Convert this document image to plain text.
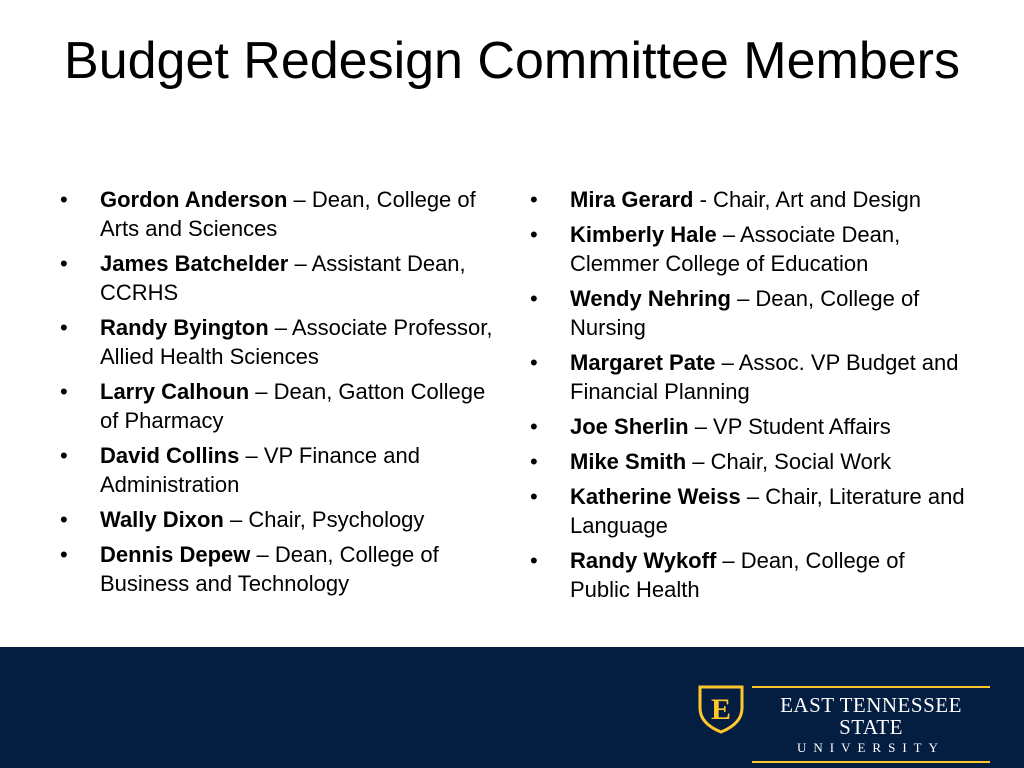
Budget Redesign Committee Members
•	Gordon Anderson – Dean, College of Arts and Sciences
•	James Batchelder – Assistant Dean, CCRHS
•	Randy Byington – Associate Professor, Allied Health Sciences
•	Larry Calhoun – Dean, Gatton College of Pharmacy
•	David Collins – VP Finance and Administration
•	Wally Dixon – Chair, Psychology
•	Dennis Depew – Dean, College of Business and Technology
•	Mira Gerard - Chair, Art and Design
•	Kimberly Hale – Associate Dean, Clemmer College of Education
•	Wendy Nehring – Dean, College of Nursing
•	Margaret Pate – Assoc. VP Budget and Financial Planning
•	Joe Sherlin – VP Student Affairs
•	Mike Smith – Chair, Social Work
•	Katherine Weiss – Chair, Literature and Language
•	Randy Wykoff – Dean, College of Public Health
E	EAST TENNESSEE STATE
UNIVERSITY
